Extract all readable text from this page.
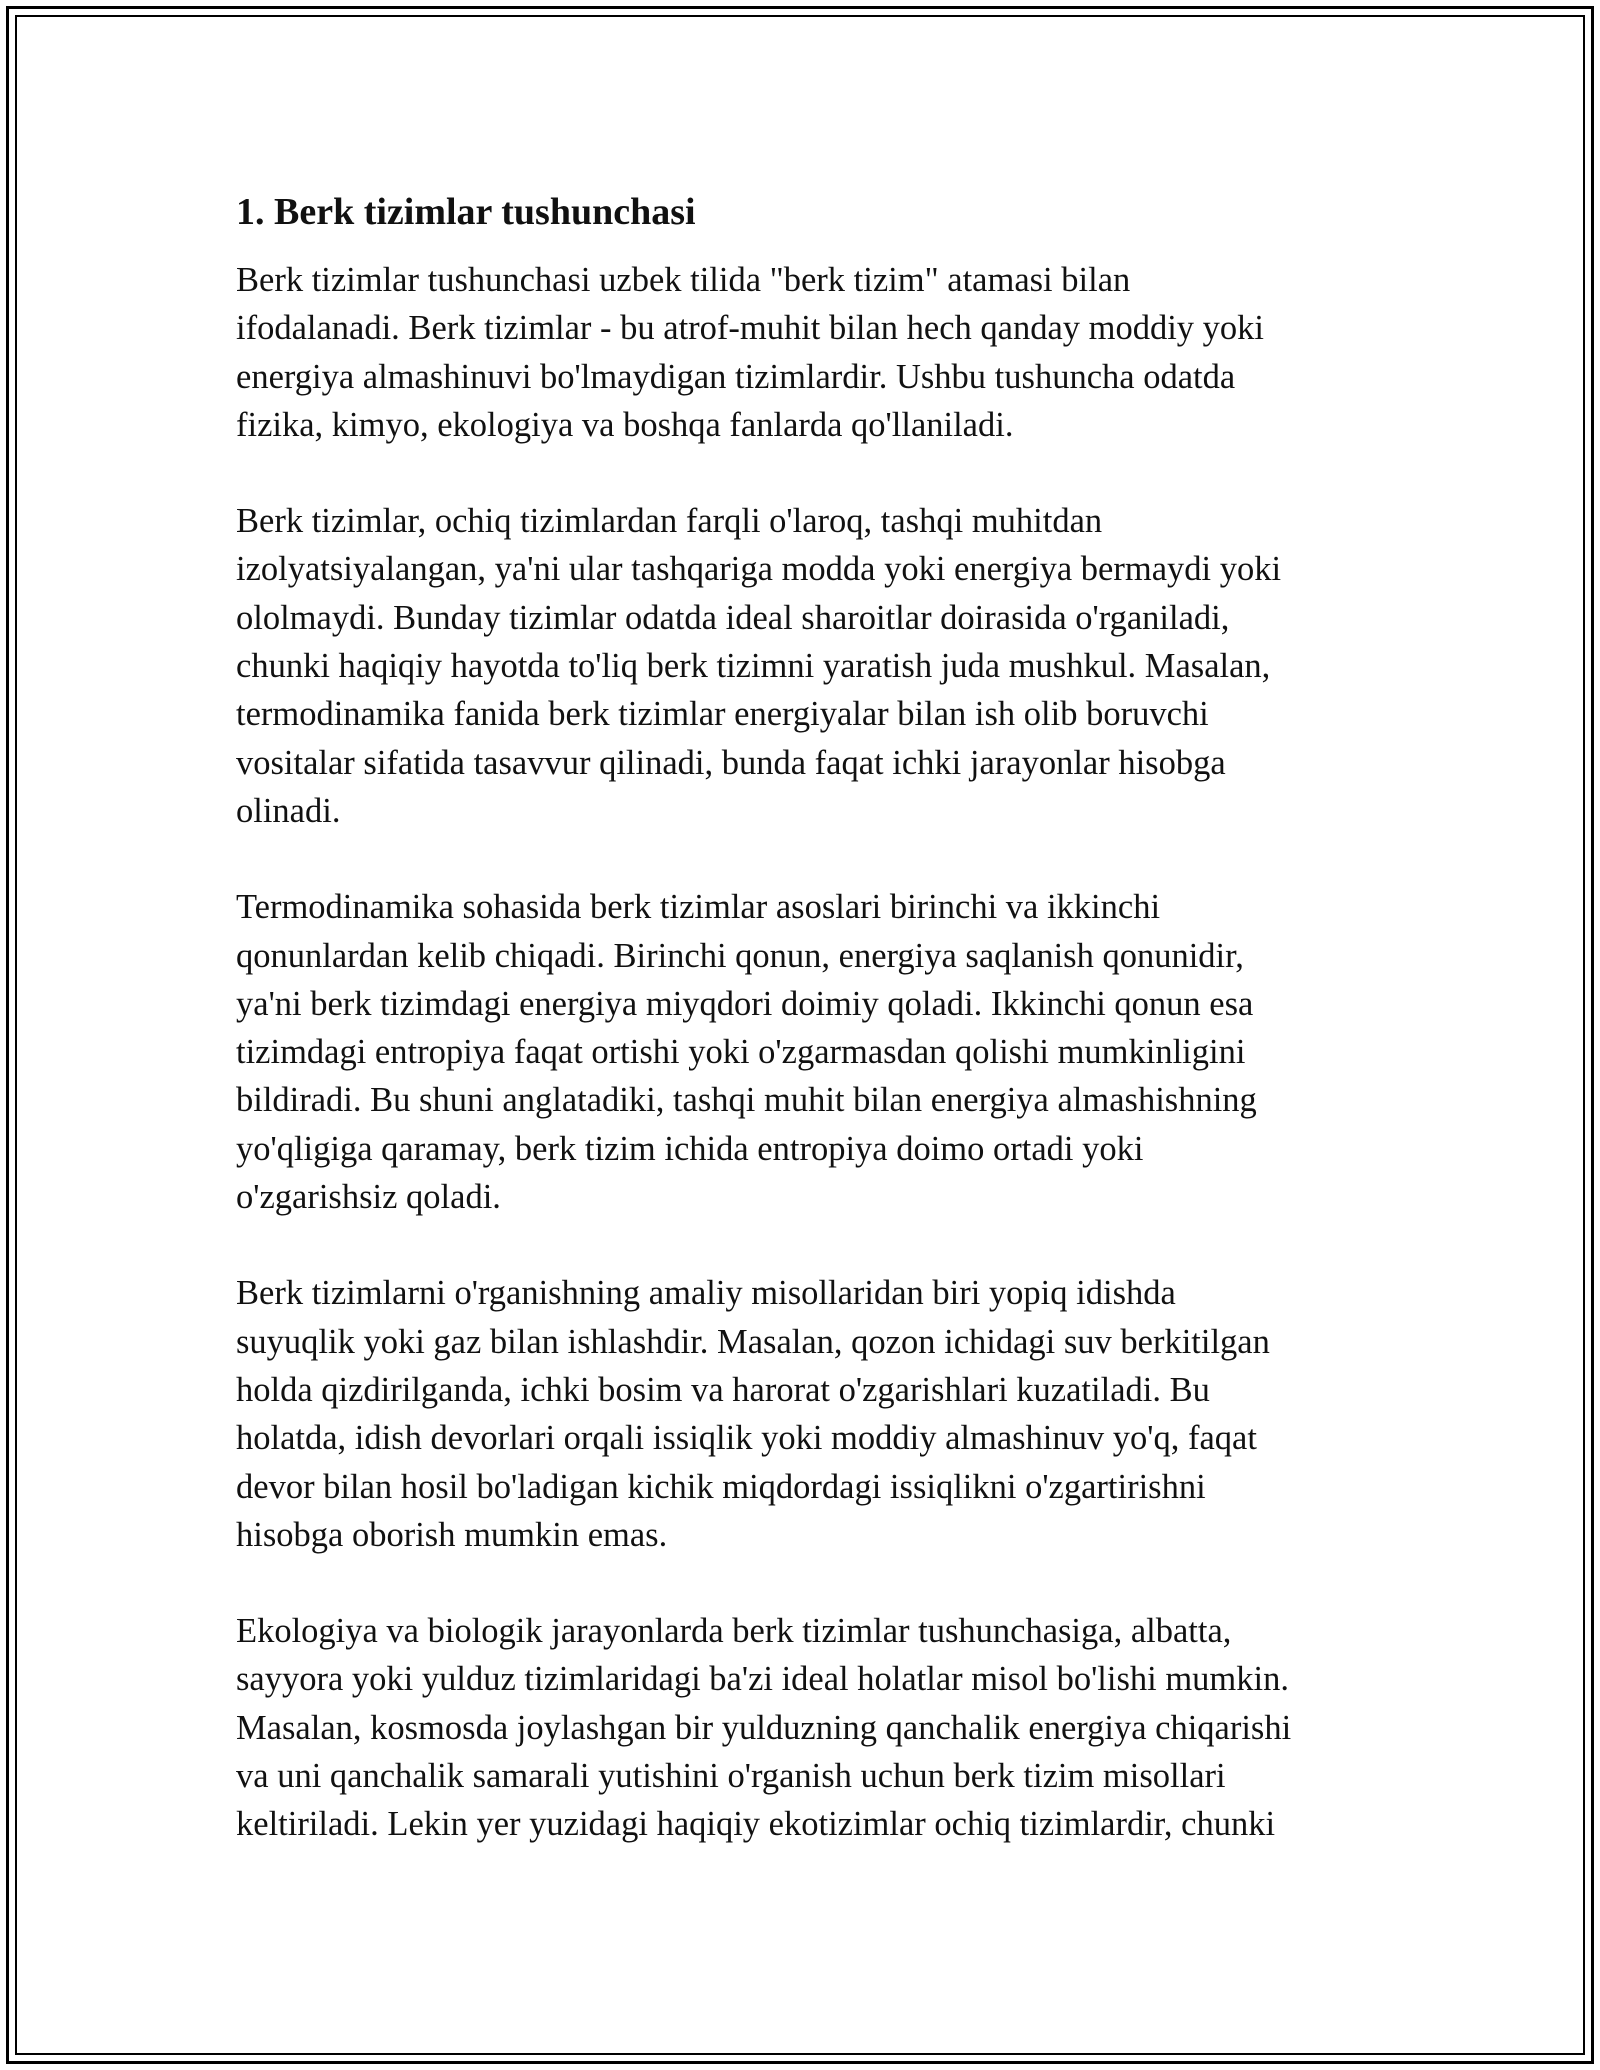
1. Berk tizimlar tushunchasi

Berk tizimlar tushunchasi uzbek tilida "berk tizim" atamasi bilan
ifodalanadi. Berk tizimlar - bu atrof-muhit bilan hech qanday moddiy yoki
energiya almashinuvi bo'lmaydigan tizimlardir. Ushbu tushuncha odatda
fizika, kimyo, ekologiya va boshqa fanlarda qo'llaniladi.

Berk tizimlar, ochiq tizimlardan farqli o'laroq, tashqi muhitdan
izolyatsiyalangan, ya'ni ular tashqariga modda yoki energiya bermaydi yoki
ololmaydi. Bunday tizimlar odatda ideal sharoitlar doirasida o'rganiladi,
chunki haqiqiy hayotda to'liq berk tizimni yaratish juda mushkul. Masalan,
termodinamika fanida berk tizimlar energiyalar bilan ish olib boruvchi
vositalar sifatida tasavvur qilinadi, bunda faqat ichki jarayonlar hisobga
olinadi.

Termodinamika sohasida berk tizimlar asoslari birinchi va ikkinchi
qonunlardan kelib chiqadi. Birinchi qonun, energiya saqlanish qonunidir,
ya'ni berk tizimdagi energiya miyqdori doimiy qoladi. Ikkinchi qonun esa
tizimdagi entropiya faqat ortishi yoki o'zgarmasdan qolishi mumkinligini
bildiradi. Bu shuni anglatadiki, tashqi muhit bilan energiya almashishning
yo'qligiga qaramay, berk tizim ichida entropiya doimo ortadi yoki
o'zgarishsiz qoladi.

Berk tizimlarni o'rganishning amaliy misollaridan biri yopiq idishda
suyuqlik yoki gaz bilan ishlashdir. Masalan, qozon ichidagi suv berkitilgan
holda qizdirilganda, ichki bosim va harorat o'zgarishlari kuzatiladi. Bu
holatda, idish devorlari orqali issiqlik yoki moddiy almashinuv yo'q, faqat
devor bilan hosil bo'ladigan kichik miqdordagi issiqlikni o'zgartirishni
hisobga oborish mumkin emas.

Ekologiya va biologik jarayonlarda berk tizimlar tushunchasiga, albatta,
sayyora yoki yulduz tizimlaridagi ba'zi ideal holatlar misol bo'lishi mumkin.
Masalan, kosmosda joylashgan bir yulduzning qanchalik energiya chiqarishi
va uni qanchalik samarali yutishini o'rganish uchun berk tizim misollari
keltiriladi. Lekin yer yuzidagi haqiqiy ekotizimlar ochiq tizimlardir, chunki
